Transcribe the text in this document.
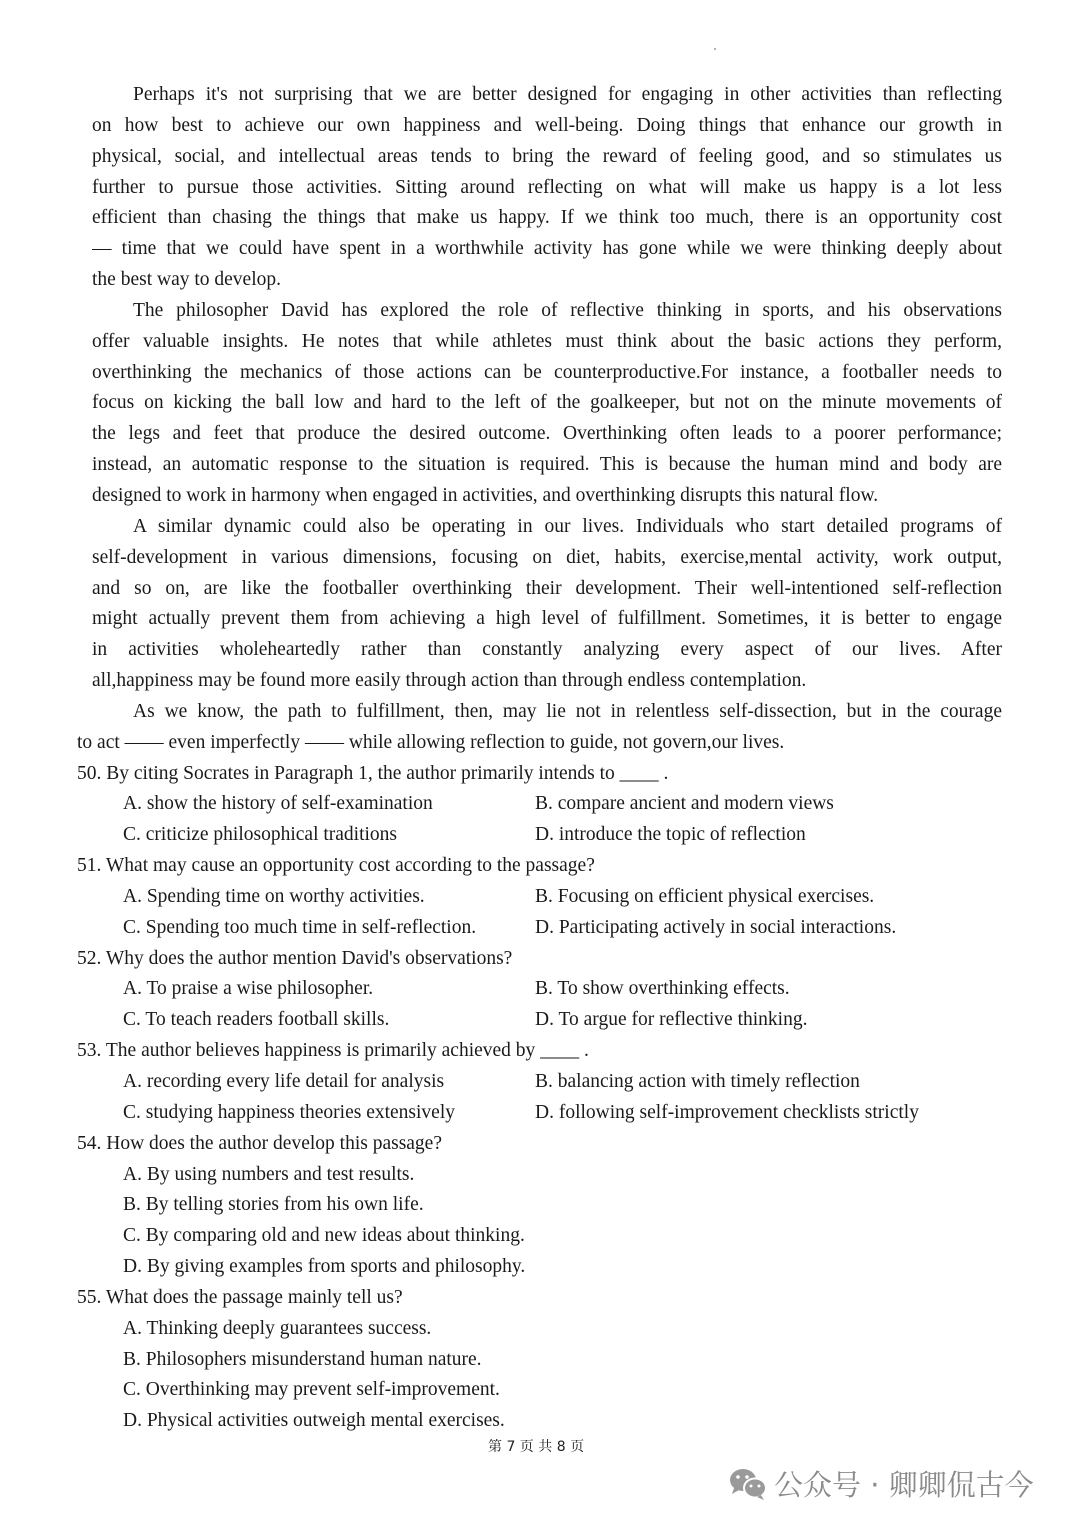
Perhaps it's not surprising that we are better designed for engaging in other activities than reflecting
on how best to achieve our own happiness and well-being. Doing things that enhance our growth in
physical, social, and intellectual areas tends to bring the reward of feeling good, and so stimulates us
further to pursue those activities. Sitting around reflecting on what will make us happy is a lot less
efficient than chasing the things that make us happy. If we think too much, there is an opportunity cost
— time that we could have spent in a worthwhile activity has gone while we were thinking deeply about
the best way to develop.
The philosopher David has explored the role of reflective thinking in sports, and his observations
offer valuable insights. He notes that while athletes must think about the basic actions they perform,
overthinking the mechanics of those actions can be counterproductive.For instance, a footballer needs to
focus on kicking the ball low and hard to the left of the goalkeeper, but not on the minute movements of
the legs and feet that produce the desired outcome. Overthinking often leads to a poorer performance;
instead, an automatic response to the situation is required. This is because the human mind and body are
designed to work in harmony when engaged in activities, and overthinking disrupts this natural flow.
A similar dynamic could also be operating in our lives. Individuals who start detailed programs of
self-development in various dimensions, focusing on diet, habits, exercise,mental activity, work output,
and so on, are like the footballer overthinking their development. Their well-intentioned self-reflection
might actually prevent them from achieving a high level of fulfillment. Sometimes, it is better to engage
in activities wholeheartedly rather than constantly analyzing every aspect of our lives. After
all,happiness may be found more easily through action than through endless contemplation.
As we know, the path to fulfillment, then, may lie not in relentless self-dissection, but in the courage
to act —— even imperfectly —— while allowing reflection to guide, not govern,our lives.
50. By citing Socrates in Paragraph 1, the author primarily intends to ____ .
A. show the history of self-examination	B. compare ancient and modern views
C. criticize philosophical traditions	D. introduce the topic of reflection
51. What may cause an opportunity cost according to the passage?
A. Spending time on worthy activities.	B. Focusing on efficient physical exercises.
C. Spending too much time in self-reflection.	D. Participating actively in social interactions.
52. Why does the author mention David's observations?
A. To praise a wise philosopher.	B. To show overthinking effects.
C. To teach readers football skills.	D. To argue for reflective thinking.
53. The author believes happiness is primarily achieved by ____ .
A. recording every life detail for analysis	B. balancing action with timely reflection
C. studying happiness theories extensively	D. following self-improvement checklists strictly
54. How does the author develop this passage?
A. By using numbers and test results.
B. By telling stories from his own life.
C. By comparing old and new ideas about thinking.
D. By giving examples from sports and philosophy.
55. What does the passage mainly tell us?
A. Thinking deeply guarantees success.
B. Philosophers misunderstand human nature.
C. Overthinking may prevent self-improvement.
D. Physical activities outweigh mental exercises.
第 7 页 共 8 页
公众号 · 卿卿侃古今
